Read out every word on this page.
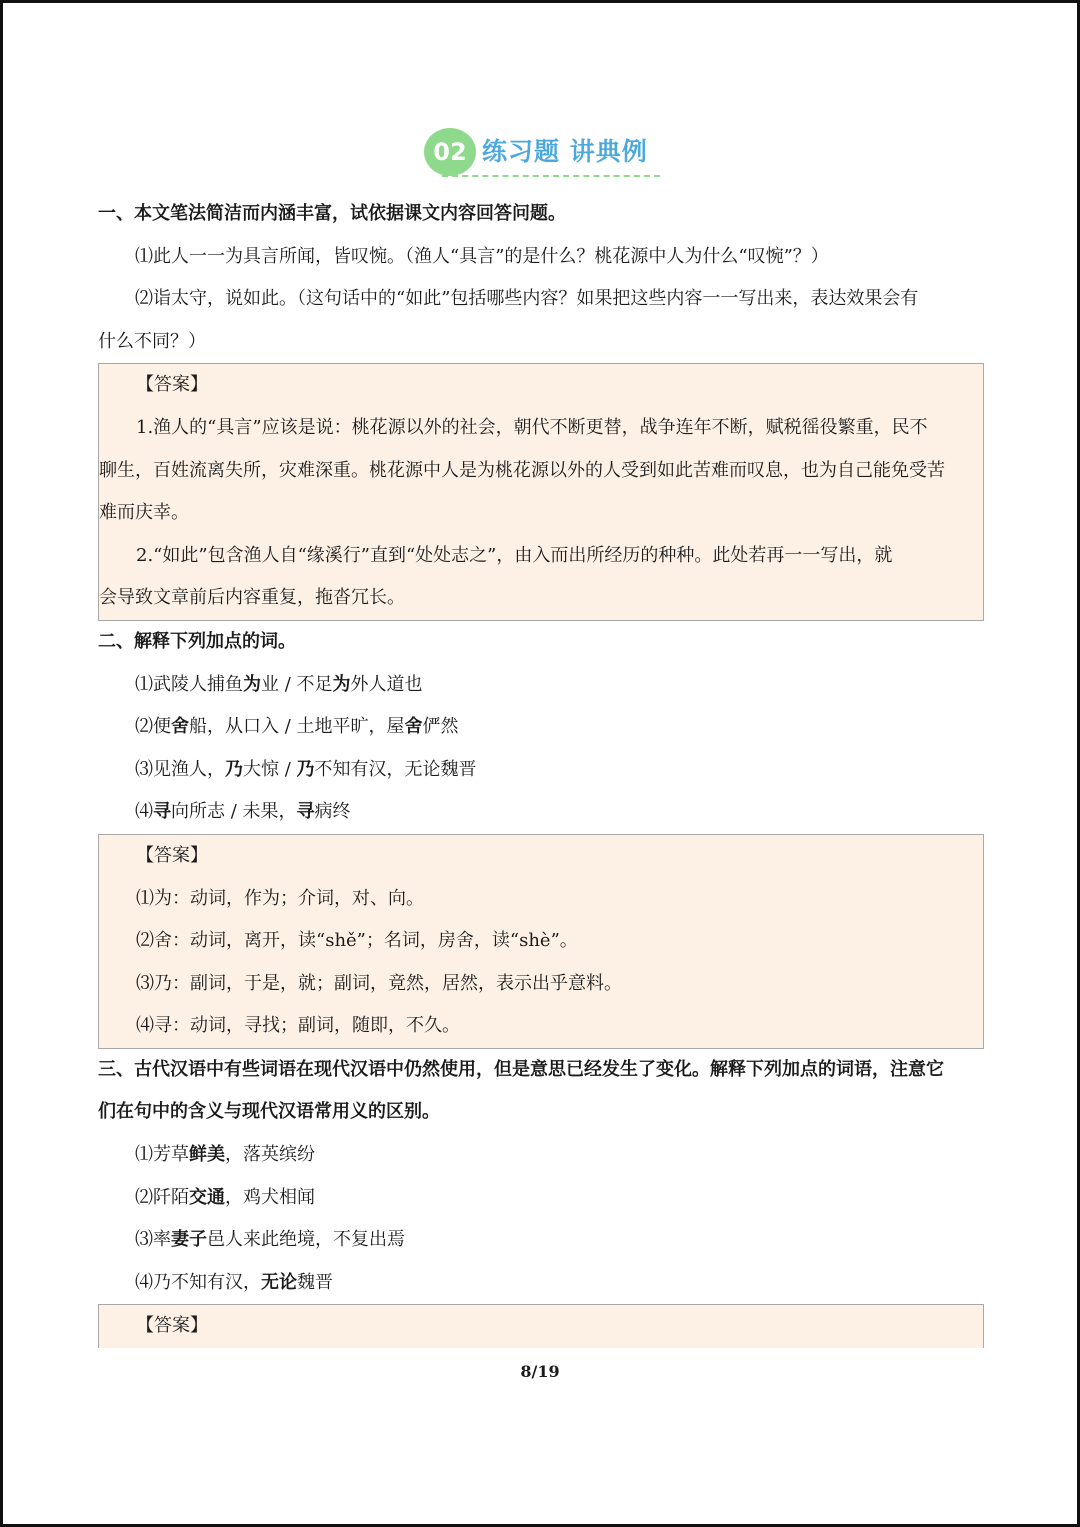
02 练习题 讲典例
一、本文笔法简洁而内涵丰富，试依据课文内容回答问题。
⑴此人一一为具言所闻，皆叹惋。（渔人“具言”的是什么？桃花源中人为什么“叹惋”？）
⑵诣太守，说如此。（这句话中的“如此”包括哪些内容？如果把这些内容一一写出来，表达效果会有
什么不同？）
【答案】
1.渔人的“具言”应该是说：桃花源以外的社会，朝代不断更替，战争连年不断，赋税徭役繁重，民不
聊生，百姓流离失所，灾难深重。桃花源中人是为桃花源以外的人受到如此苦难而叹息，也为自己能免受苦
难而庆幸。
2.“如此”包含渔人自“缘溪行”直到“处处志之”，由入而出所经历的种种。此处若再一一写出，就
会导致文章前后内容重复，拖沓冗长。
二、解释下列加点的词。
⑴武陵人捕鱼为业 / 不足为外人道也
⑵便舍船，从口入 / 土地平旷，屋舍俨然
⑶见渔人，乃大惊 / 乃不知有汉，无论魏晋
⑷寻向所志 / 未果，寻病终
【答案】
⑴为：动词，作为；介词，对、向。
⑵舍：动词，离开，读“shě”；名词，房舍，读“shè”。
⑶乃：副词，于是，就；副词，竟然，居然，表示出乎意料。
⑷寻：动词，寻找；副词，随即，不久。
三、古代汉语中有些词语在现代汉语中仍然使用，但是意思已经发生了变化。解释下列加点的词语，注意它
们在句中的含义与现代汉语常用义的区别。
⑴芳草鲜美，落英缤纷
⑵阡陌交通，鸡犬相闻
⑶率妻子邑人来此绝境，不复出焉
⑷乃不知有汉，无论魏晋
【答案】
8/19
